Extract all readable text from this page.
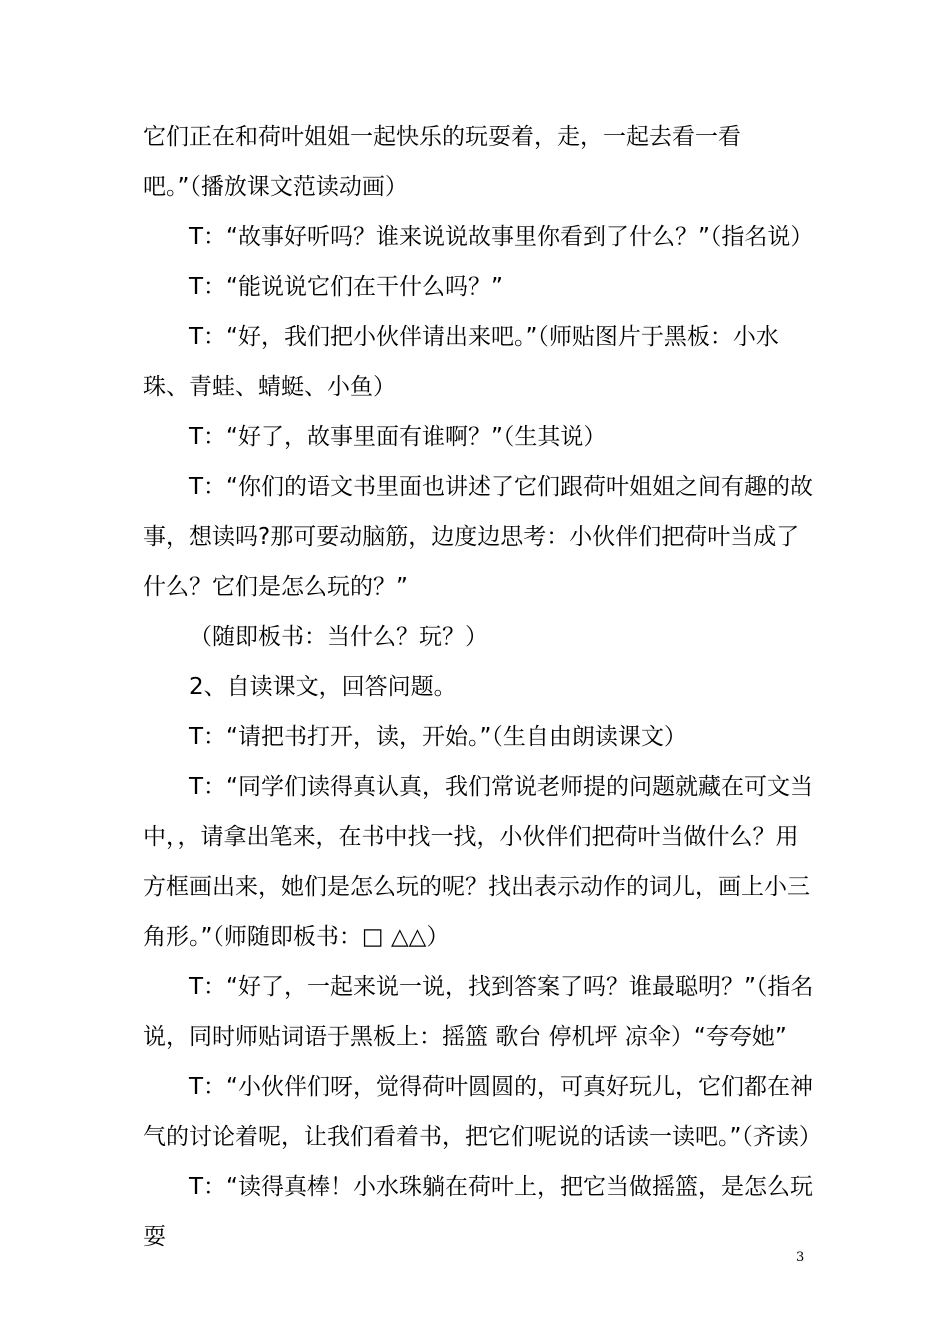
它们正在和荷叶姐姐一起快乐的玩耍着，走，一起去看一看吧。”（播放课文范读动画）

T：“故事好听吗？谁来说说故事里你看到了什么？”（指名说）

T：“能说说它们在干什么吗？”

T：“好，我们把小伙伴请出来吧。”（师贴图片于黑板：小水珠、青蛙、蜻蜓、小鱼）

T：“好了，故事里面有谁啊？”（生其说）

T：“你们的语文书里面也讲述了它们跟荷叶姐姐之间有趣的故事，想读吗?那可要动脑筋，边度边思考：小伙伴们把荷叶当成了什么？它们是怎么玩的？”

（随即板书：当什么？玩？）

2、自读课文，回答问题。

T：“请把书打开，读，开始。”（生自由朗读课文）

T：“同学们读得真认真，我们常说老师提的问题就藏在可文当中，，请拿出笔来，在书中找一找，小伙伴们把荷叶当做什么？用方框画出来，她们是怎么玩的呢？找出表示动作的词儿，画上小三角形。”（师随即板书：□ △△）

T：“好了，一起来说一说，找到答案了吗？谁最聪明？”（指名说，同时师贴词语于黑板上：摇篮 歌台 停机坪 凉伞）“夸夸她”

T：“小伙伴们呀，觉得荷叶圆圆的，可真好玩儿，它们都在神气的讨论着呢，让我们看着书，把它们呢说的话读一读吧。”（齐读）

T：“读得真棒！小水珠躺在荷叶上，把它当做摇篮，是怎么玩耍

3
